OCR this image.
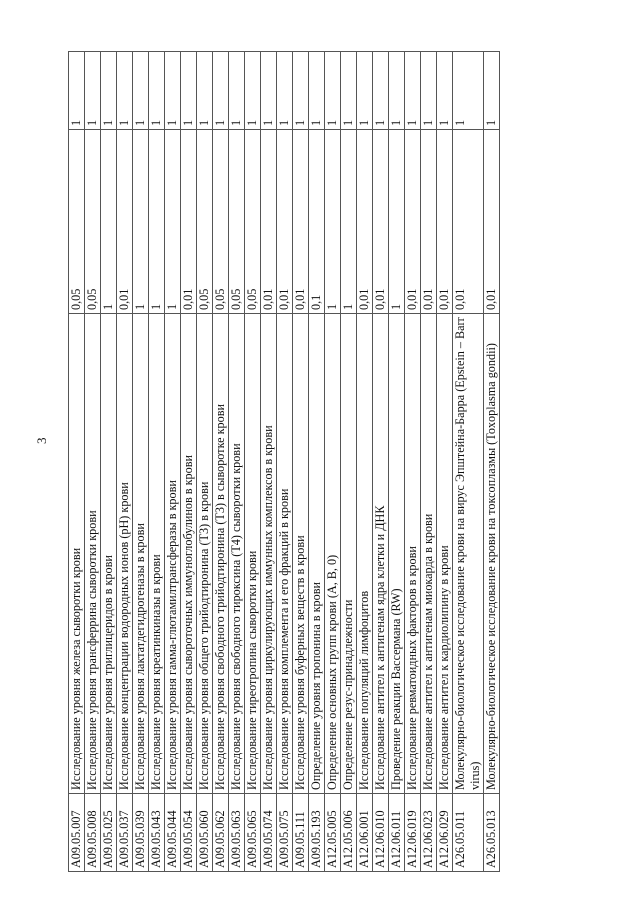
3
A09.05.007	Исследование уровня железа сыворотки крови	0,05	1
A09.05.008	Исследование уровня трансферрина сыворотки крови	0,05	1
A09.05.025	Исследование уровня триглицеридов в крови	1	1
A09.05.037	Исследование концентрации водородных ионов (pH) крови	0,01	1
A09.05.039	Исследование уровня лактатдегидрогеназы в крови	1	1
A09.05.043	Исследование уровня креатинкиназы в крови	1	1
A09.05.044	Исследование уровня гамма-глютамилтрансферазы в крови	1	1
A09.05.054	Исследование уровня сывороточных иммуноглобулинов в крови	0,01	1
A09.05.060	Исследование уровня общего трийодтиронина (Т3) в крови	0,05	1
A09.05.062	Исследование уровня свободного трийодтиронина (Т3) в сыворотке крови	0,05	1
A09.05.063	Исследование уровня свободного тироксина (Т4) сыворотки крови	0,05	1
A09.05.065	Исследование тиреотропина сыворотки крови	0,05	1
A09.05.074	Исследование уровня циркулирующих иммунных комплексов в крови	0,01	1
A09.05.075	Исследование уровня комплемента и его фракций в крови	0,01	1
A09.05.111	Исследование уровня буферных веществ в крови	0,01	1
A09.05.193	Определение уровня тропонина в крови	0,1	1
A12.05.005	Определение основных групп крови (A, B, 0)	1	1
A12.05.006	Определение резус-принадлежности	1	1
A12.06.001	Исследование популяций лимфоцитов	0,01	1
A12.06.010	Исследование антител к антигенам ядра клетки и ДНК	0,01	1
A12.06.011	Проведение реакции Вассермана (RW)	1	1
A12.06.019	Исследование ревматоидных факторов в крови	0,01	1
A12.06.023	Исследование антител к антигенам миокарда в крови	0,01	1
A12.06.029	Исследование антител к кардиолипину в крови	0,01	1
A26.05.011	Молекулярно-биологическое исследование крови на вирус Эпштейна-Барра (Epstein – Barr virus)	0,01	1
A26.05.013	Молекулярно-биологическое исследование крови на токсоплазмы (Toxoplasma gondii)	0,01	1
